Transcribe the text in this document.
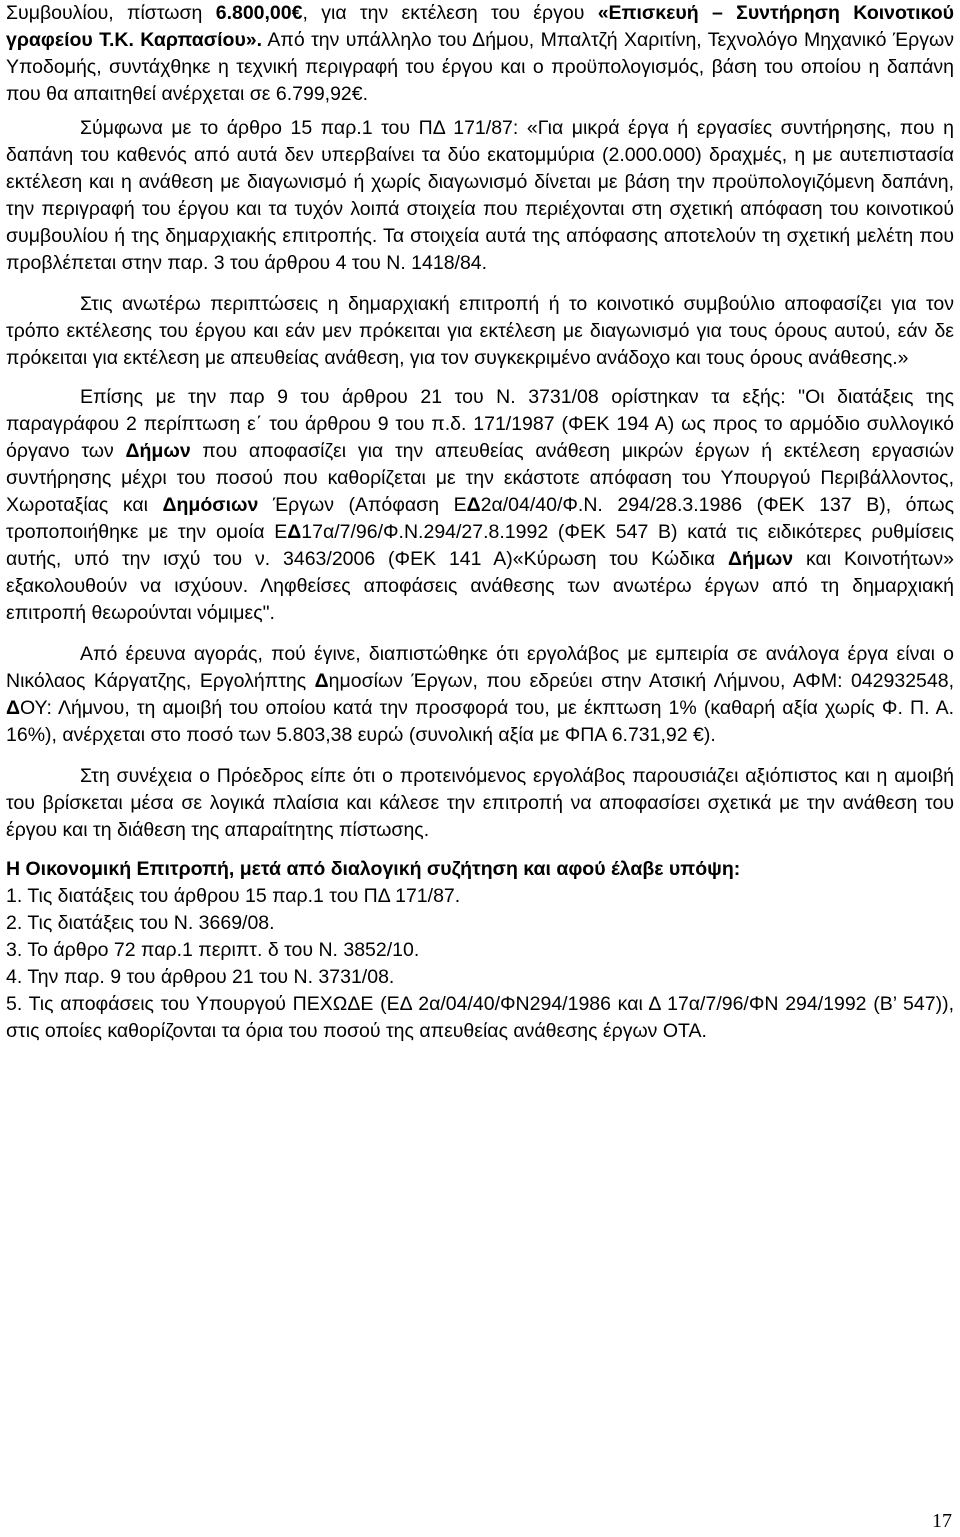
Συμβουλίου, πίστωση 6.800,00€, για την εκτέλεση του έργου «Επισκευή – Συντήρηση Κοινοτικού γραφείου Τ.Κ. Καρπασίου». Από την υπάλληλο του Δήμου, Μπαλτζή Χαριτίνη, Τεχνολόγο Μηχανικό Έργων Υποδομής, συντάχθηκε η τεχνική περιγραφή του έργου και ο προϋπολογισμός, βάση του οποίου η δαπάνη που θα απαιτηθεί ανέρχεται σε 6.799,92€.

Σύμφωνα με το άρθρο 15 παρ.1 του ΠΔ 171/87: «Για μικρά έργα ή εργασίες συντήρησης, που η δαπάνη του καθενός από αυτά δεν υπερβαίνει τα δύο εκατομμύρια (2.000.000) δραχμές, η με αυτεπιστασία εκτέλεση και η ανάθεση με διαγωνισμό ή χωρίς διαγωνισμό δίνεται με βάση την προϋπολογιζόμενη δαπάνη, την περιγραφή του έργου και τα τυχόν λοιπά στοιχεία που περιέχονται στη σχετική απόφαση του κοινοτικού συμβουλίου ή της δημαρχιακής επιτροπής. Τα στοιχεία αυτά της απόφασης αποτελούν τη σχετική μελέτη που προβλέπεται στην παρ. 3 του άρθρου 4 του Ν. 1418/84.

Στις ανωτέρω περιπτώσεις η δημαρχιακή επιτροπή ή το κοινοτικό συμβούλιο αποφασίζει για τον τρόπο εκτέλεσης του έργου και εάν μεν πρόκειται για εκτέλεση με διαγωνισμό για τους όρους αυτού, εάν δε πρόκειται για εκτέλεση με απευθείας ανάθεση, για τον συγκεκριμένο ανάδοχο και τους όρους ανάθεσης.»

Επίσης με την παρ 9 του άρθρου 21 του Ν. 3731/08 ορίστηκαν τα εξής: "Οι διατάξεις της παραγράφου 2 περίπτωση ε΄ του άρθρου 9 του π.δ. 171/1987 (ΦΕΚ 194 Α) ως προς το αρμόδιο συλλογικό όργανο των Δήμων που αποφασίζει για την απευθείας ανάθεση μικρών έργων ή εκτέλεση εργασιών συντήρησης μέχρι του ποσού που καθορίζεται με την εκάστοτε απόφαση του Υπουργού Περιβάλλοντος, Χωροταξίας και Δημόσιων Έργων (Απόφαση ΕΔ2α/04/40/Φ.Ν. 294/28.3.1986 (ΦΕΚ 137 Β), όπως τροποποιήθηκε με την ομοία ΕΔ17α/7/96/Φ.Ν.294/27.8.1992 (ΦΕΚ 547 Β) κατά τις ειδικότερες ρυθμίσεις αυτής, υπό την ισχύ του ν. 3463/2006 (ΦΕΚ 141 Α)«Κύρωση του Κώδικα Δήμων και Κοινοτήτων» εξακολουθούν να ισχύουν. Ληφθείσες αποφάσεις ανάθεσης των ανωτέρω έργων από τη δημαρχιακή επιτροπή θεωρούνται νόμιμες".

Από έρευνα αγοράς, πού έγινε, διαπιστώθηκε ότι εργολάβος με εμπειρία σε ανάλογα έργα είναι ο Νικόλαος Κάργατζης, Εργολήπτης Δημοσίων Έργων, που εδρεύει στην Ατσική Λήμνου, ΑΦΜ: 042932548, ΔΟΥ: Λήμνου, τη αμοιβή του οποίου κατά την προσφορά του, με έκπτωση 1% (καθαρή αξία χωρίς Φ. Π. Α. 16%), ανέρχεται στο ποσό των 5.803,38 ευρώ (συνολική αξία με ΦΠΑ 6.731,92 €).

Στη συνέχεια ο Πρόεδρος είπε ότι ο προτεινόμενος εργολάβος παρουσιάζει αξιόπιστος και η αμοιβή του βρίσκεται μέσα σε λογικά πλαίσια και κάλεσε την επιτροπή να αποφασίσει σχετικά με την ανάθεση του έργου και τη διάθεση της απαραίτητης πίστωσης.

Η Οικονομική Επιτροπή, μετά από διαλογική συζήτηση και αφού έλαβε υπόψη:

1. Τις διατάξεις του άρθρου 15 παρ.1 του ΠΔ 171/87.
2. Τις διατάξεις του Ν. 3669/08.
3. Το άρθρο 72 παρ.1 περιπτ. δ του Ν. 3852/10.
4. Την παρ. 9 του άρθρου 21 του Ν. 3731/08.
5. Τις αποφάσεις του Υπουργού ΠΕΧΩΔΕ (ΕΔ 2α/04/40/ΦΝ294/1986 και Δ 17α/7/96/ΦΝ 294/1992 (Β’ 547)), στις οποίες καθορίζονται τα όρια του ποσού της απευθείας ανάθεσης έργων ΟΤΑ.
17
